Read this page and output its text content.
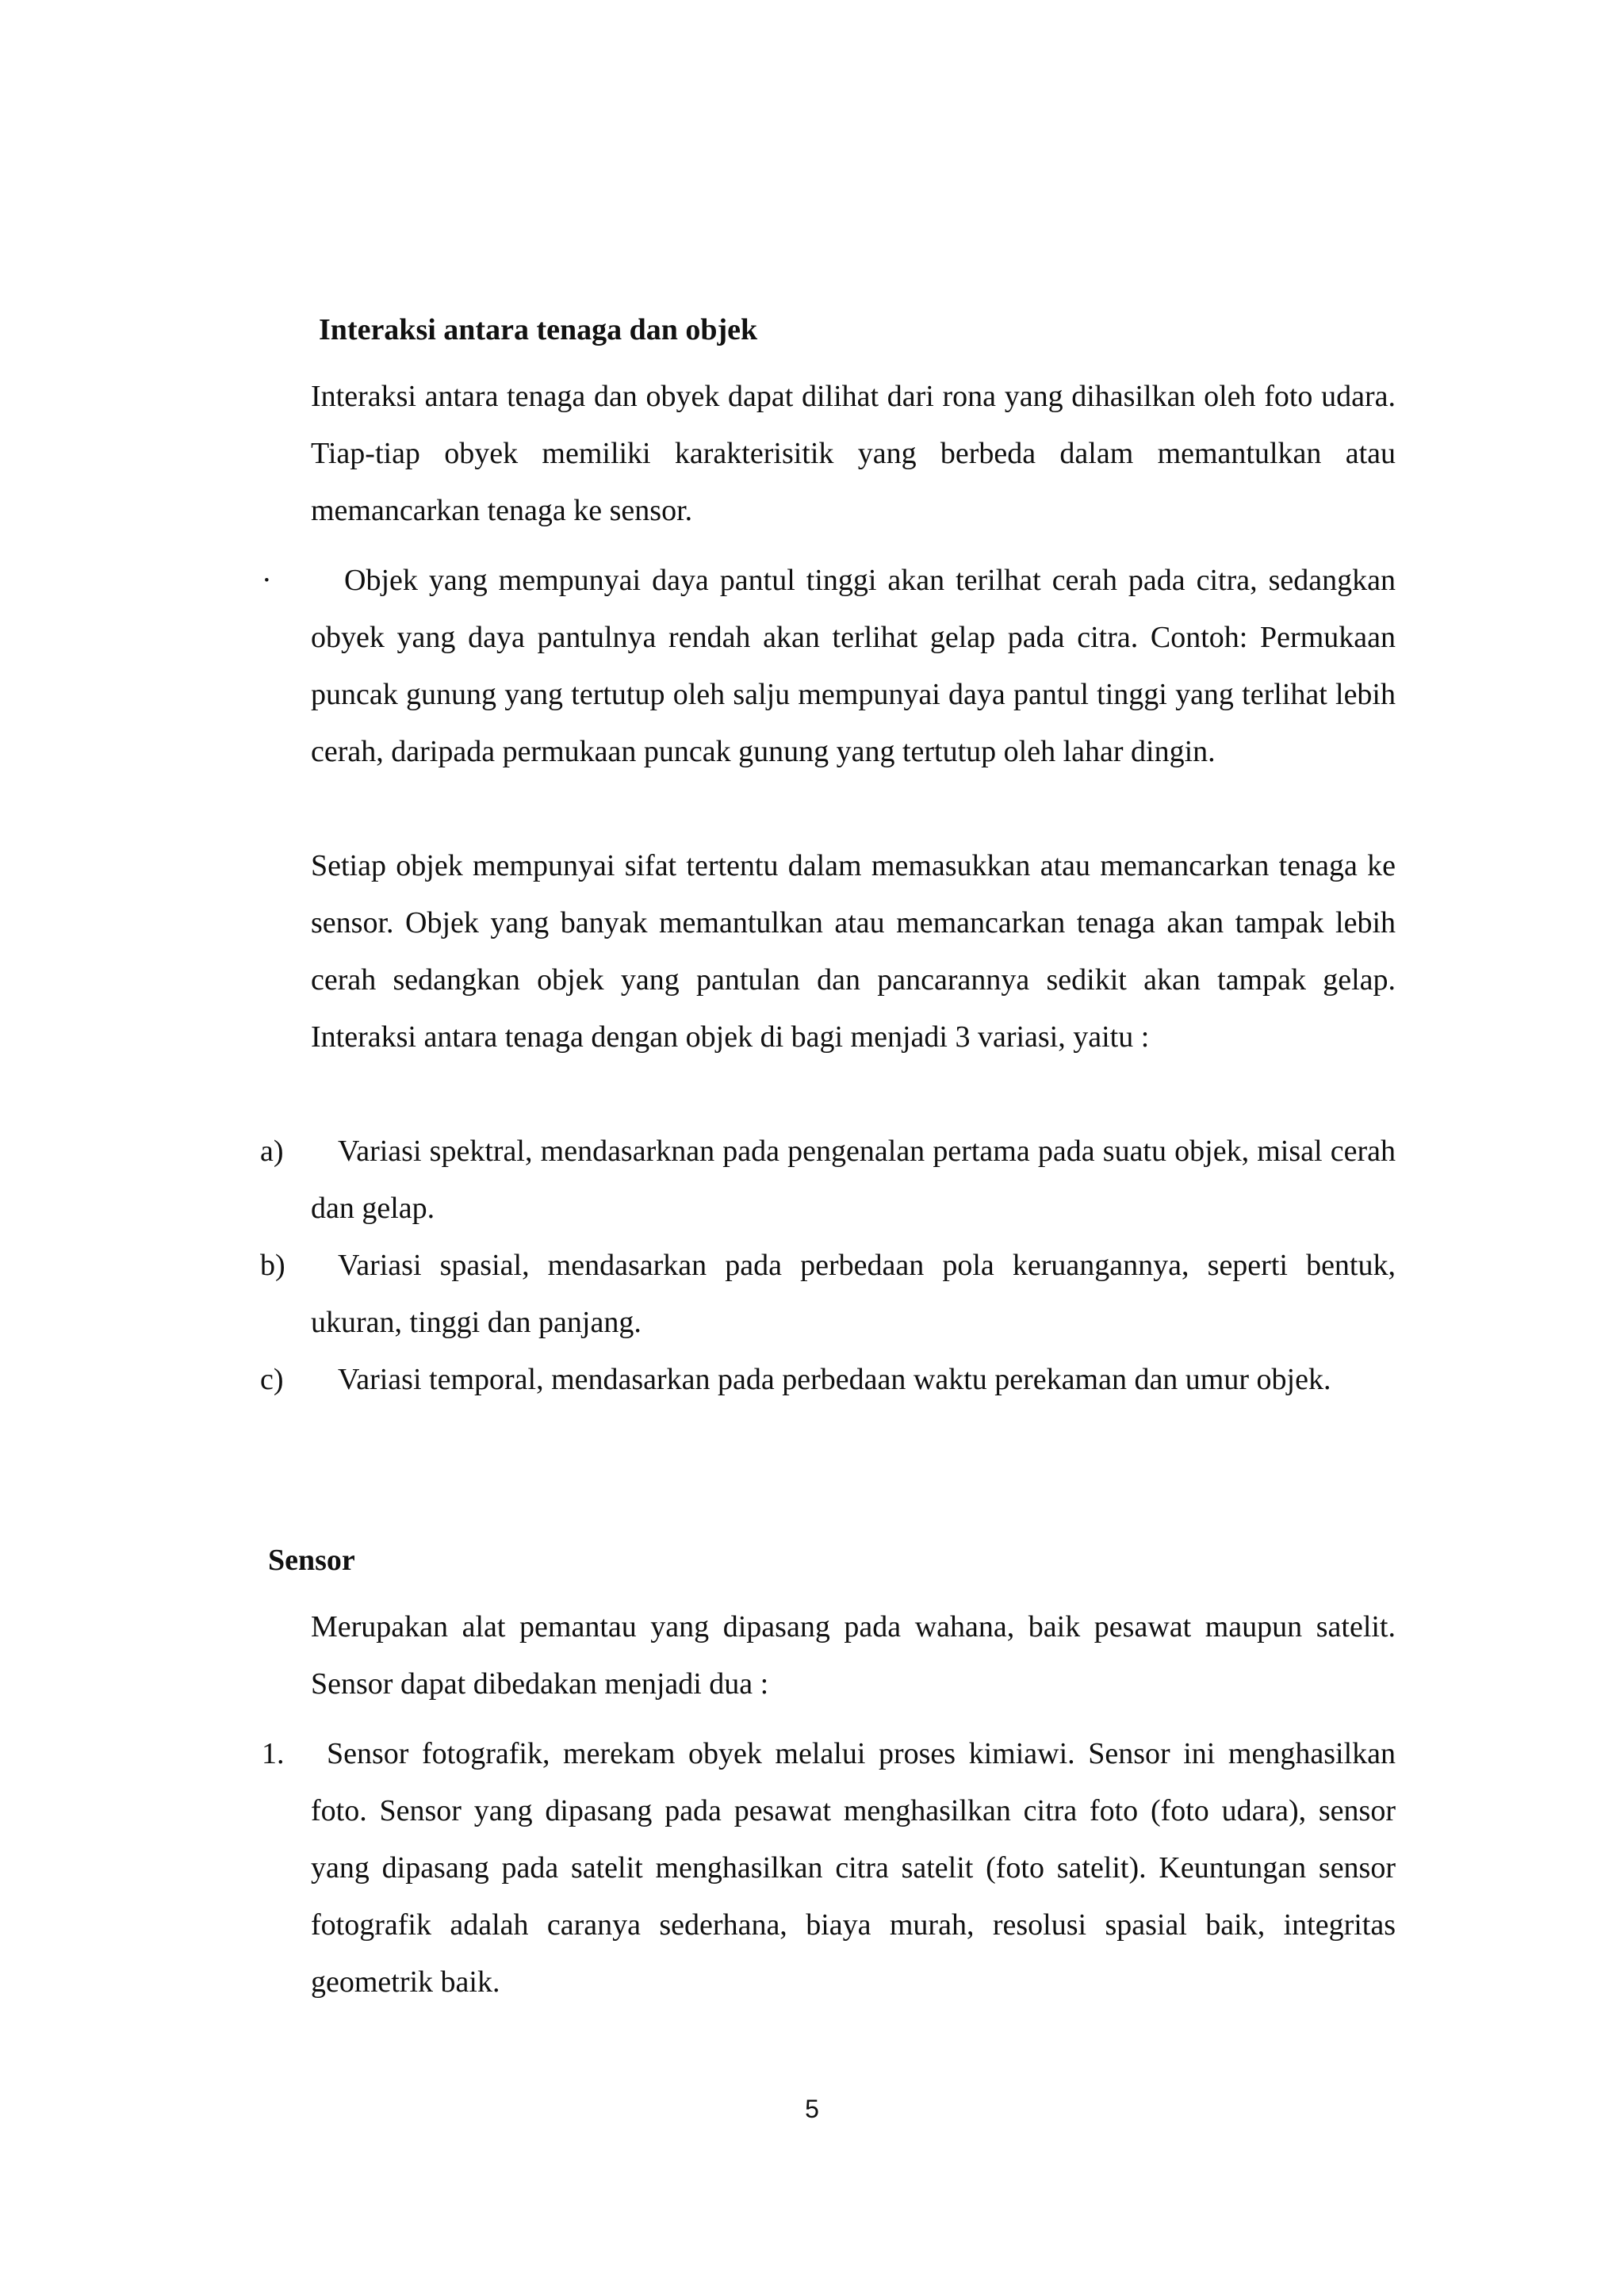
Interaksi antara tenaga dan objek

Interaksi antara tenaga dan obyek dapat dilihat dari rona yang dihasilkan oleh foto udara. Tiap-tiap obyek memiliki karakterisitik yang berbeda dalam memantulkan atau memancarkan tenaga ke sensor.

·	Objek yang mempunyai daya pantul tinggi akan terilhat cerah pada citra, sedangkan obyek yang daya pantulnya rendah akan terlihat gelap pada citra. Contoh: Permukaan puncak gunung yang tertutup oleh salju mempunyai daya pantul tinggi yang terlihat lebih cerah, daripada permukaan puncak gunung yang tertutup oleh lahar dingin.

Setiap objek mempunyai sifat tertentu dalam memasukkan atau memancarkan tenaga ke sensor. Objek yang banyak memantulkan atau memancarkan tenaga akan tampak lebih cerah sedangkan objek yang pantulan dan pancarannya sedikit akan tampak gelap. Interaksi antara tenaga dengan objek di bagi menjadi 3 variasi, yaitu :

a)	Variasi spektral, mendasarknan pada pengenalan pertama pada suatu objek, misal cerah dan gelap.

b)	Variasi spasial, mendasarkan pada perbedaan pola keruangannya, seperti bentuk, ukuran, tinggi dan panjang.

c)	Variasi temporal, mendasarkan pada perbedaan waktu perekaman dan umur objek.

Sensor

Merupakan alat pemantau yang dipasang pada wahana, baik pesawat maupun satelit. Sensor dapat dibedakan menjadi dua :

1.	Sensor fotografik, merekam obyek melalui proses kimiawi. Sensor ini menghasilkan foto. Sensor yang dipasang pada pesawat menghasilkan citra foto (foto udara), sensor yang dipasang pada satelit menghasilkan citra satelit (foto satelit). Keuntungan sensor fotografik adalah caranya sederhana, biaya murah, resolusi spasial baik, integritas geometrik baik.

5
